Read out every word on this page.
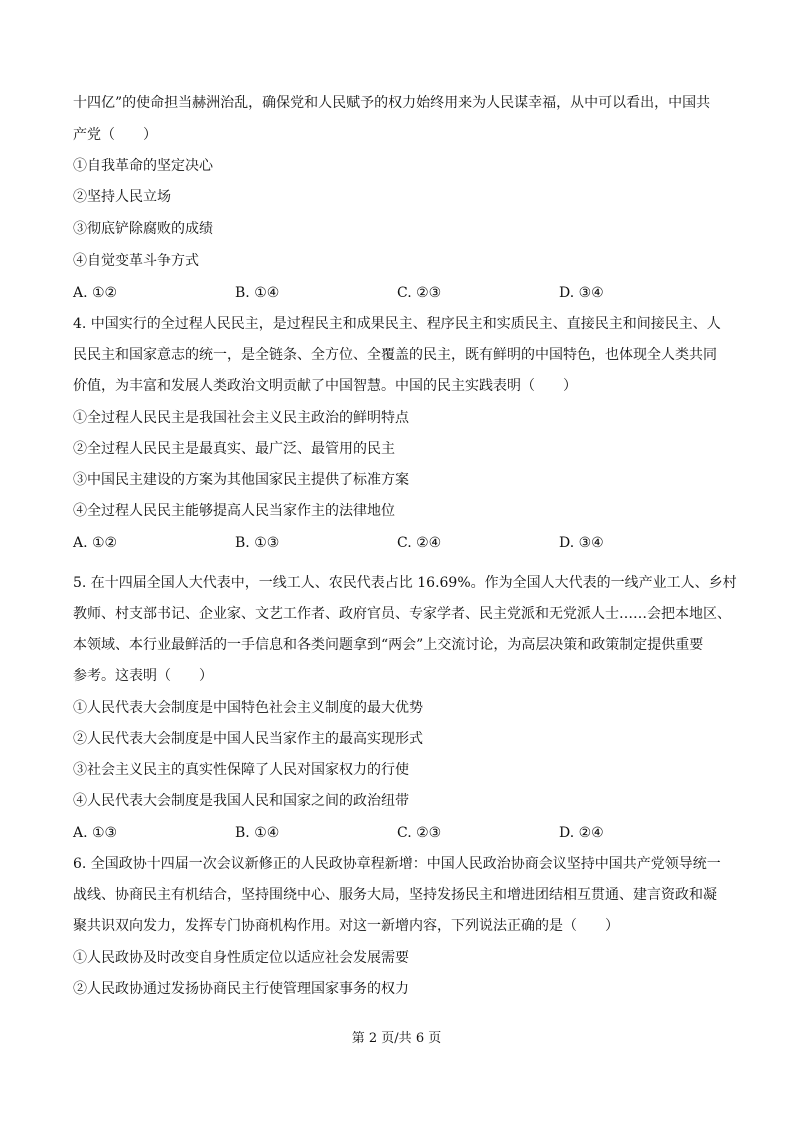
十四亿”的使命担当赫洲治乱，确保党和人民赋予的权力始终用来为人民谋幸福，从中可以看出，中国共
产党（　　）
①自我革命的坚定决心
②坚持人民立场
③彻底铲除腐败的成绩
④自觉变革斗争方式
A. ①②	B. ①④	C. ②③	D. ③④
4. 中国实行的全过程人民民主，是过程民主和成果民主、程序民主和实质民主、直接民主和间接民主、人
民民主和国家意志的统一，是全链条、全方位、全覆盖的民主，既有鲜明的中国特色，也体现全人类共同
价值，为丰富和发展人类政治文明贡献了中国智慧。中国的民主实践表明（　　）
①全过程人民民主是我国社会主义民主政治的鲜明特点
②全过程人民民主是最真实、最广泛、最管用的民主
③中国民主建设的方案为其他国家民主提供了标准方案
④全过程人民民主能够提高人民当家作主的法律地位
A. ①②	B. ①③	C. ②④	D. ③④
5. 在十四届全国人大代表中，一线工人、农民代表占比 16.69%。作为全国人大代表的一线产业工人、乡村
教师、村支部书记、企业家、文艺工作者、政府官员、专家学者、民主党派和无党派人士……会把本地区、
本领域、本行业最鲜活的一手信息和各类问题拿到“两会”上交流讨论，为高层决策和政策制定提供重要
参考。这表明（　　）
①人民代表大会制度是中国特色社会主义制度的最大优势
②人民代表大会制度是中国人民当家作主的最高实现形式
③社会主义民主的真实性保障了人民对国家权力的行使
④人民代表大会制度是我国人民和国家之间的政治纽带
A. ①③	B. ①④	C. ②③	D. ②④
6. 全国政协十四届一次会议新修正的人民政协章程新增：中国人民政治协商会议坚持中国共产党领导统一
战线、协商民主有机结合，坚持围绕中心、服务大局，坚持发扬民主和增进团结相互贯通、建言资政和凝
聚共识双向发力，发挥专门协商机构作用。对这一新增内容，下列说法正确的是（　　）
①人民政协及时改变自身性质定位以适应社会发展需要
②人民政协通过发扬协商民主行使管理国家事务的权力
第 2 页/共 6 页
